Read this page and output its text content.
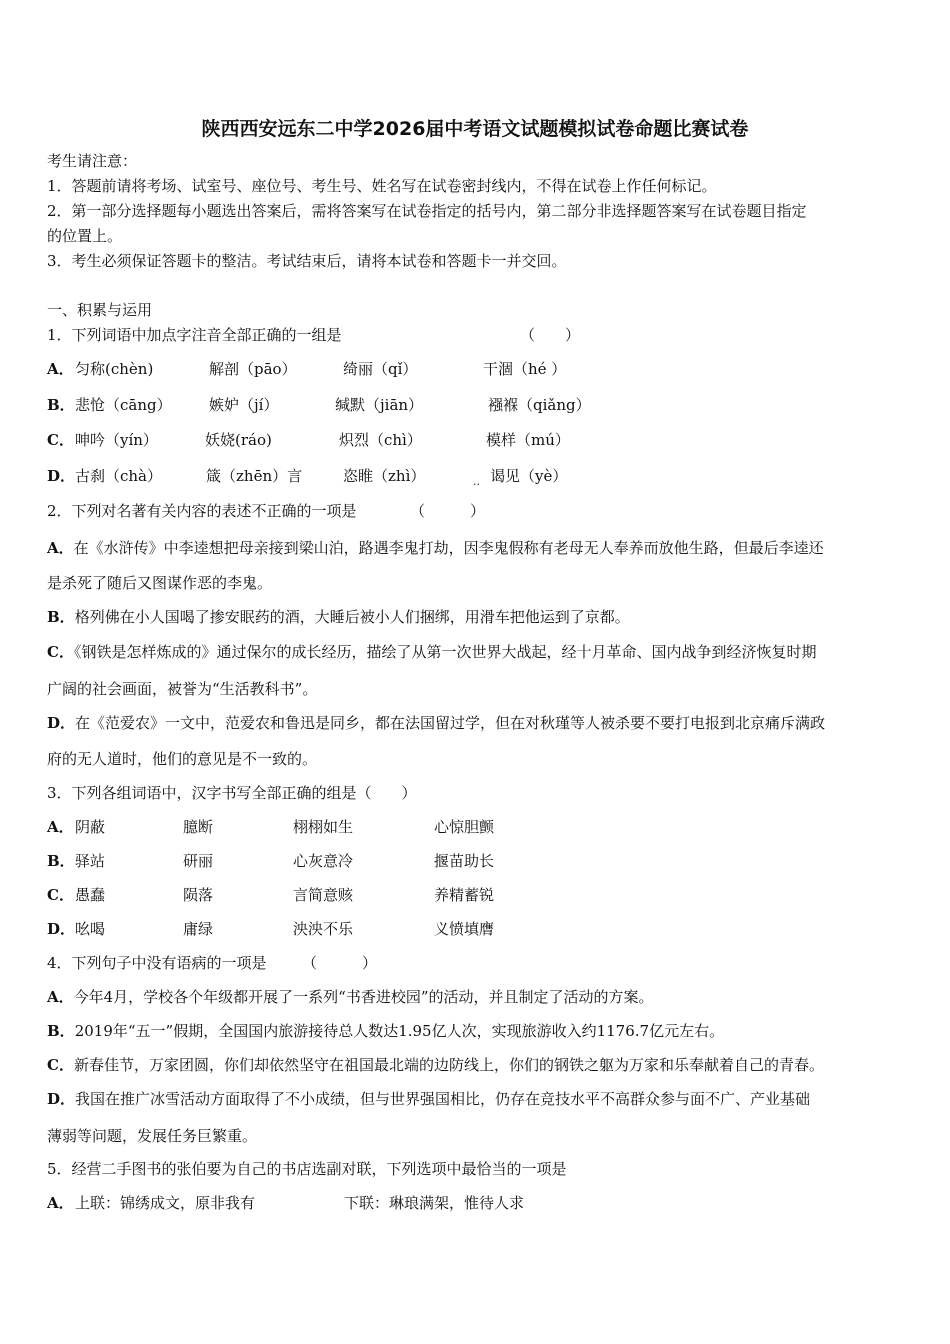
陕西西安远东二中学2026届中考语文试题模拟试卷命题比赛试卷
考生请注意：
1．答题前请将考场、试室号、座位号、考生号、姓名写在试卷密封线内，不得在试卷上作任何标记。
2．第一部分选择题每小题选出答案后，需将答案写在试卷指定的括号内，第二部分非选择题答案写在试卷题目指定
的位置上。
3．考生必须保证答题卡的整洁。考试结束后，请将本试卷和答题卡一并交回。
一、积累与运用
1．下列词语中加点字注音全部正确的一组是	（　　）
A． 匀称(chèn)	解剖（pāo）	绮丽（qǐ）	干涸（hé ）
B． 悲怆（cāng） 嫉妒（jí）	缄默（jiān）	襁褓（qiǎng）
C． 呻吟（yín）	妖娆(ráo)	炽烈（chì）	模样（mú）
D． 古刹（chà）	箴（zhēn）言	恣睢（zhì）	谒见（yè）
··
2．下列对名著有关内容的表述不正确的一项是	（　　　）
A．在《水浒传》中李逵想把母亲接到梁山泊，路遇李鬼打劫，因李鬼假称有老母无人奉养而放他生路，但最后李逵还
是杀死了随后又图谋作恶的李鬼。
B．格列佛在小人国喝了掺安眠药的酒，大睡后被小人们捆绑，用滑车把他运到了京都。
C．《钢铁是怎样炼成的》通过保尔的成长经历，描绘了从第一次世界大战起，经十月革命、国内战争到经济恢复时期
广阔的社会画面，被誉为“生活教科书”。
D．在《范爱农》一文中，范爱农和鲁迅是同乡，都在法国留过学，但在对秋瑾等人被杀要不要打电报到北京痛斥满政
府的无人道时，他们的意见是不一致的。
3．下列各组词语中，汉字书写全部正确的组是（　　）
A． 阴蔽	臆断	栩栩如生	心惊胆颤
B． 驿站	研丽	心灰意冷	揠苗助长
C． 愚蠢	陨落	言简意赅	养精蓄锐
D． 吆喝	庸绿	泱泱不乐	义愤填膺
4．下列句子中没有语病的一项是 （　　　）
A．今年4月，学校各个年级都开展了一系列“书香进校园”的活动，并且制定了活动的方案。
B．2019年“五一”假期，全国国内旅游接待总人数达1.95亿人次，实现旅游收入约1176.7亿元左右。
C．新春佳节，万家团圆，你们却依然坚守在祖国最北端的边防线上，你们的钢铁之躯为万家和乐奉献着自己的青春。
D．我国在推广冰雪活动方面取得了不小成绩，但与世界强国相比，仍存在竞技水平不高群众参与面不广、产业基础
薄弱等问题，发展任务巨繁重。
5．经营二手图书的张伯要为自己的书店选副对联，下列选项中最恰当的一项是
A． 上联：锦绣成文，原非我有	下联：琳琅满架，惟待人求
